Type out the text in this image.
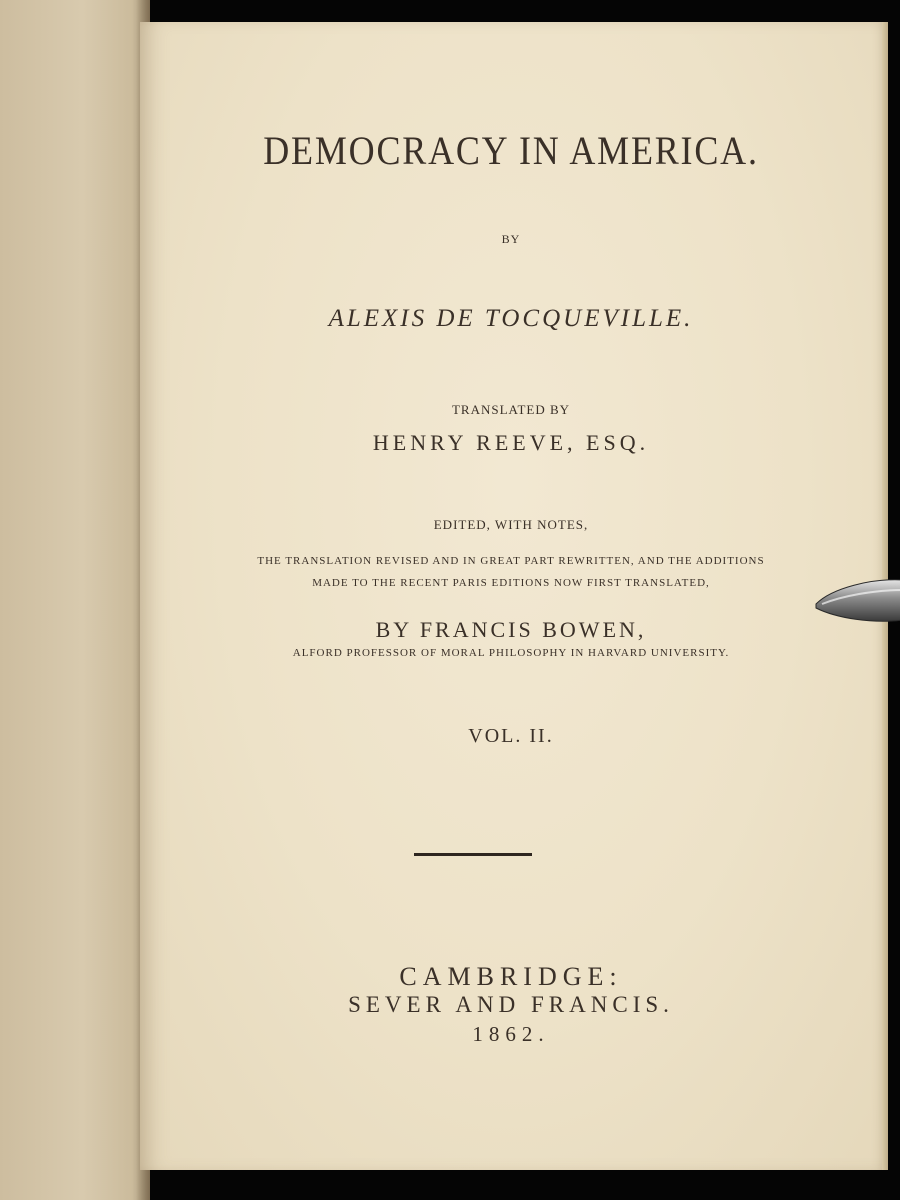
DEMOCRACY IN AMERICA.
BY
ALEXIS DE TOCQUEVILLE.
TRANSLATED BY
HENRY REEVE, ESQ.
EDITED, WITH NOTES,
THE TRANSLATION REVISED AND IN GREAT PART REWRITTEN, AND THE ADDITIONS
MADE TO THE RECENT PARIS EDITIONS NOW FIRST TRANSLATED,
BY FRANCIS BOWEN,
ALFORD PROFESSOR OF MORAL PHILOSOPHY IN HARVARD UNIVERSITY.
VOL. II.
CAMBRIDGE:
SEVER AND FRANCIS.
1862.
